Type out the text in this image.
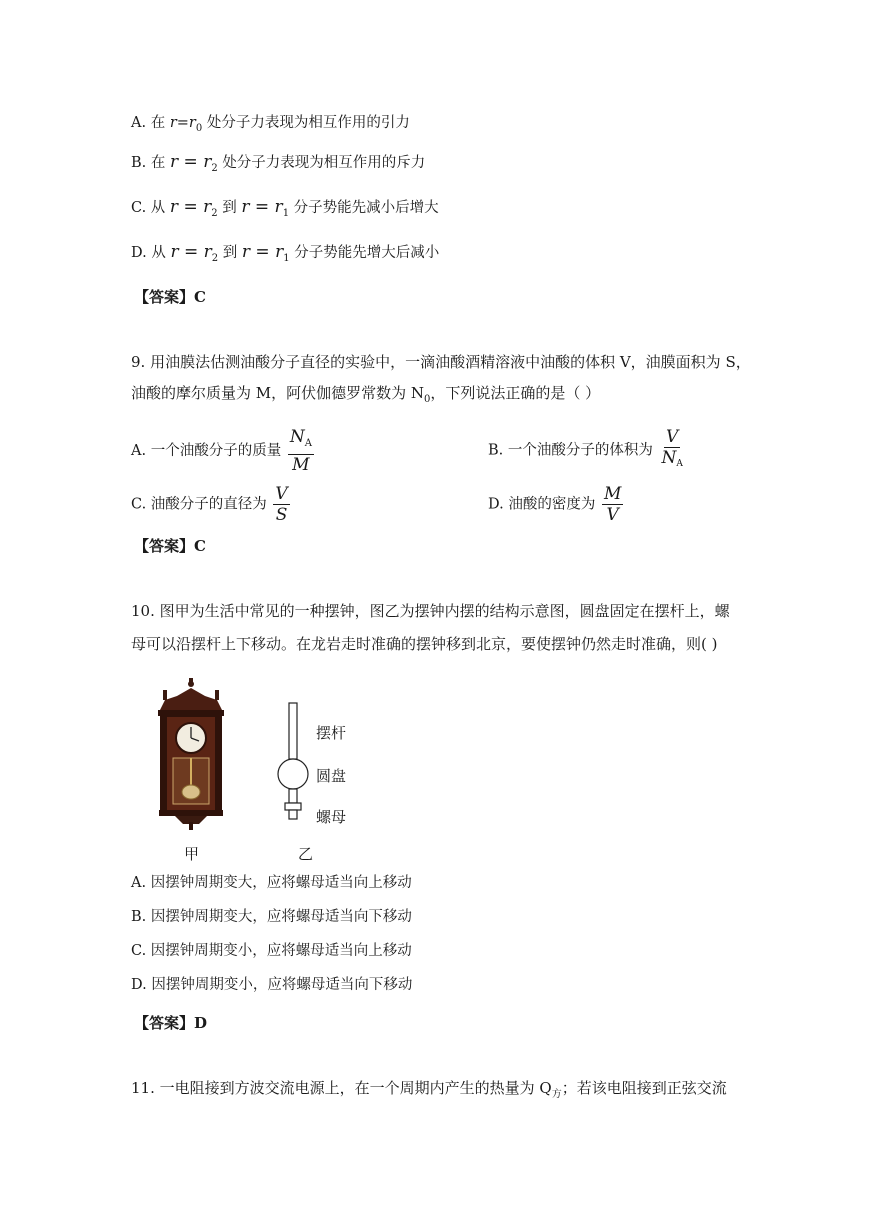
A. 在 $r=r_0$ 处分子力表现为相互作用的引力
B. 在 $r = r_2$ 处分子力表现为相互作用的斥力
C. 从 $r = r_2$ 到 $r = r_1$ 分子势能先减小后增大
D. 从 $r = r_2$ 到 $r = r_1$ 分子势能先增大后减小
【答案】C
9. 用油膜法估测油酸分子直径的实验中，一滴油酸酒精溶液中油酸的体积 V，油膜面积为 S，
油酸的摩尔质量为 M，阿伏伽德罗常数为 $N_0$，下列说法正确的是（ ）
A. 一个油酸分子的质量 $\frac{N_A}{M}$	B. 一个油酸分子的体积为 $\frac{V}{N_A}$
C. 油酸分子的直径为 $\frac{V}{S}$	D. 油酸的密度为 $\frac{M}{V}$
【答案】C
10. 图甲为生活中常见的一种摆钟，图乙为摆钟内摆的结构示意图，圆盘固定在摆杆上，螺
母可以沿摆杆上下移动。在龙岩走时准确的摆钟移到北京，要使摆钟仍然走时准确，则( )
甲
摆杆
圆盘
螺母
乙
A. 因摆钟周期变大，应将螺母适当向上移动
B. 因摆钟周期变大，应将螺母适当向下移动
C. 因摆钟周期变小，应将螺母适当向上移动
D. 因摆钟周期变小，应将螺母适当向下移动
【答案】D
11. 一电阻接到方波交流电源上，在一个周期内产生的热量为 $Q_方$；若该电阻接到正弦交流
